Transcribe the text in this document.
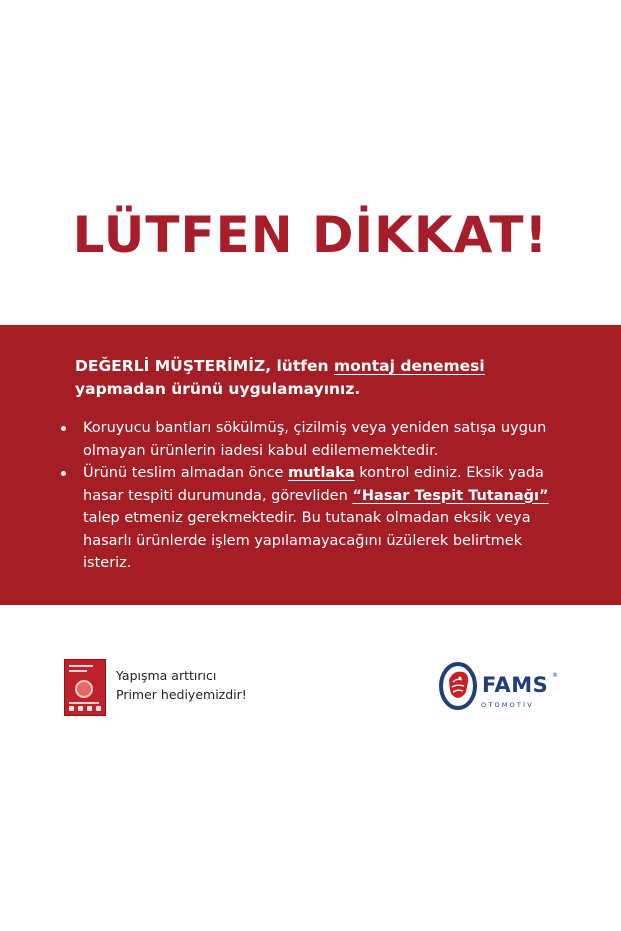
LÜTFEN DİKKAT!
DEĞERLİ MÜŞTERİMİZ, lütfen montaj denemesi yapmadan ürünü uygulamayınız.
Koruyucu bantları sökülmüş, çizilmiş veya yeniden satışa uygun olmayan ürünlerin iadesi kabul edilememektedir.
Ürünü teslim almadan önce mutlaka kontrol ediniz. Eksik yada hasar tespiti durumunda, görevliden “Hasar Tespit Tutanağı” talep etmeniz gerekmektedir. Bu tutanak olmadan eksik veya hasarlı ürünlerde işlem yapılamayacağını üzülerek belirtmek isteriz.
Yapışma arttırıcı
Primer hediyemizdir!	FAMS ®
OTOMOTİV
